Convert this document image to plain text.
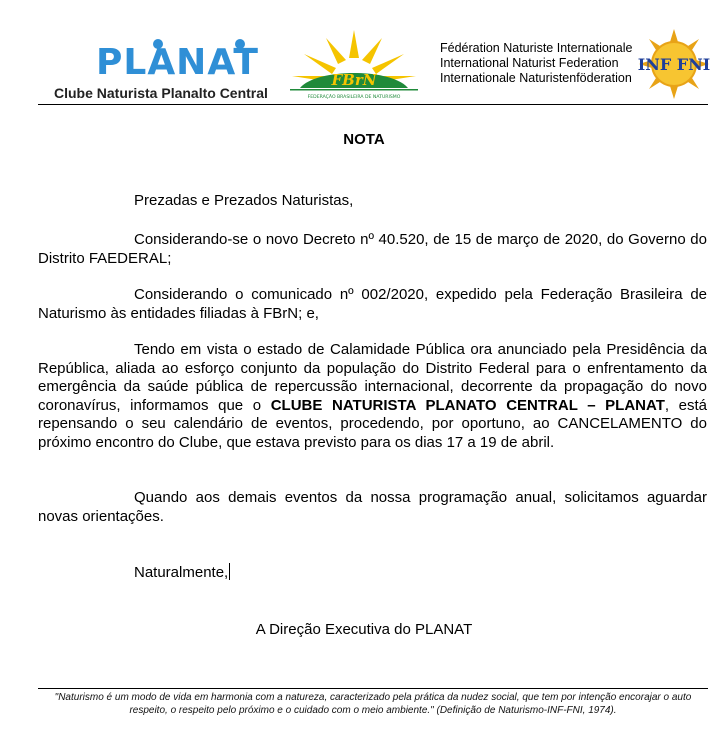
PLANAT
Clube Naturista Planalto Central
FBrN
FEDERAÇÃO BRASILEIRA DE NATURISMO
Fédération Naturiste Internationale
International Naturist Federation
Internationale Naturistenföderation
INF FNI
NOTA
Prezadas e Prezados Naturistas,
Considerando-se o novo Decreto nº 40.520, de 15 de março de 2020, do Governo do Distrito FAEDERAL;
Considerando o comunicado nº 002/2020, expedido pela Federação Brasileira de Naturismo às entidades filiadas à FBrN; e,
Tendo em vista o estado de Calamidade Pública ora anunciado pela Presidência da República, aliada ao esforço conjunto da população do Distrito Federal para o enfrentamento da emergência da saúde pública de repercussão internacional, decorrente da propagação do novo coronavírus, informamos que o CLUBE NATURISTA PLANATO CENTRAL – PLANAT, está repensando o seu calendário de eventos, procedendo, por oportuno, ao CANCELAMENTO do próximo encontro do Clube, que estava previsto para os dias 17 a 19 de abril.
Quando aos demais eventos da nossa programação anual, solicitamos aguardar novas orientações.
Naturalmente,
A Direção Executiva do PLANAT
"Naturismo é um modo de vida em harmonia com a natureza, caracterizado pela prática da nudez social, que tem por intenção encorajar o auto respeito, o respeito pelo próximo e o cuidado com o meio ambiente." (Definição de Naturismo-INF-FNI, 1974).
